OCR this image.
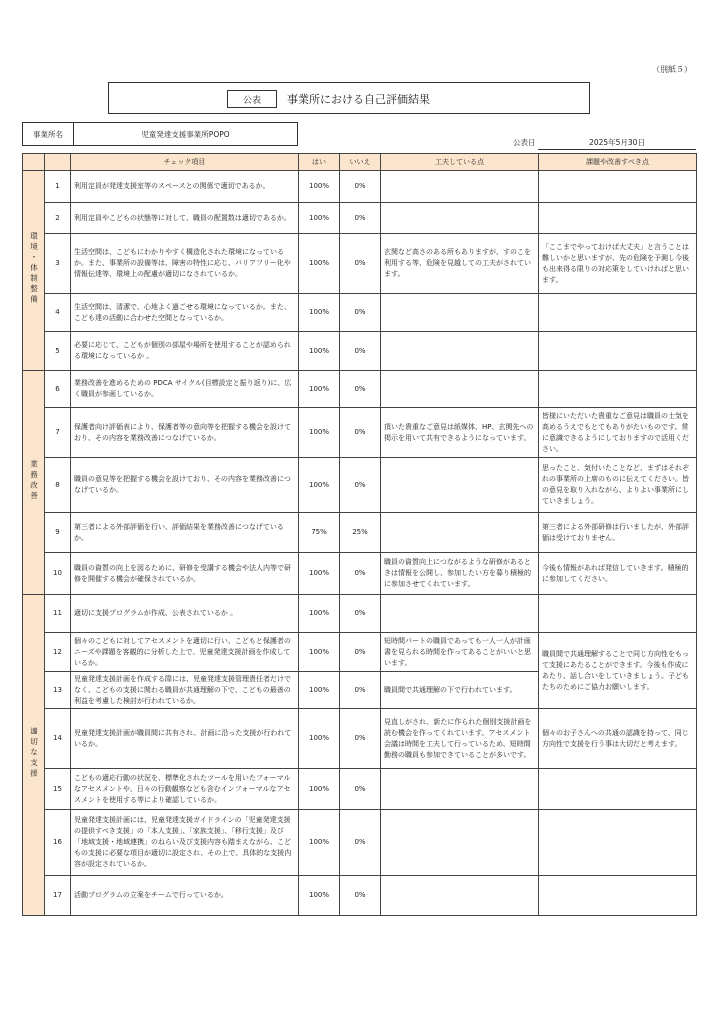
（別紙５）
公表	事業所における自己評価結果
事業所名	児童発達支援事業所POPO
公表日	2025年5月30日
		チェック項目	はい	いいえ	工夫している点	課題や改善すべき点
環境・体制整備	1	利用定員が発達支援室等のスペースとの関係で適切であるか。	100%	0%		
	2	利用定員やこどもの状態等に対して、職員の配置数は適切であるか。	100%	0%		
	3	生活空間は、こどもにわかりやすく構造化された環境になっているか。また、事業所の設備等は、障害の特性に応じ、バリアフリー化や情報伝達等、環境上の配慮が適切になされているか。	100%	0%	玄関など高さのある所もありますが、すのこを利用する等、危険を見越しての工夫がされています。	「ここまでやっておけば大丈夫」と言うことは難しいかと思いますが、先の危険を予測し今後も出来得る限りの対応策をしていければと思います。
	4	生活空間は、清潔で、心地よく過ごせる環境になっているか。また、こども達の活動に合わせた空間となっているか。	100%	0%		
	5	必要に応じて、こどもが個別の部屋や場所を使用することが認められる環境になっているか 。	100%	0%		
業務改善	6	業務改善を進めるための PDCA サイクル(目標設定と振り返り)に、広く職員が参画しているか。	100%	0%		
	7	保護者向け評価表により、保護者等の意向等を把握する機会を設けており、その内容を業務改善につなげているか。	100%	0%	頂いた貴重なご意見は紙媒体、HP、玄関先への掲示を用いて共有できるようになっています。	皆様にいただいた貴重なご意見は職員の士気を高めるうえでもとてもありがたいものです。常に意識できるようにしておりますので活用ください。
	8	職員の意見等を把握する機会を設けており、その内容を業務改善につなげているか。	100%	0%		思ったこと、気付いたことなど、まずはそれぞれの事業所の上席のものに伝えてください。皆の意見を取り入れながら、よりよい事業所にしていきましょう。
	9	第三者による外部評価を行い、評価結果を業務改善につなげているか。	75%	25%		第三者による外部研修は行いましたが、外部評価は受けておりません。
	10	職員の資質の向上を図るために、研修を受講する機会や法人内等で研修を開催する機会が確保されているか。	100%	0%	職員の資質向上につながるような研修があるときは情報を公開し、参加したい方を募り積極的に参加させてくれています。	今後も情報があれば発信していきます。積極的に参加してください。
適切な支援	11	適切に支援プログラムが作成、公表されているか 。	100%	0%		
	12	個々のこどもに対してアセスメントを適切に行い、こどもと保護者のニーズや課題を客観的に分析した上で、児童発達支援計画を作成しているか。	100%	0%	短時間パートの職員であっても一人一人が計画書を見られる時間を作ってあることがいいと思います。	職員間で共通理解することで同じ方向性をもって支援にあたることができます。今後も作成にあたり、話し合いをしていきましょう。子どもたちのためにご協力お願いします。
	13	児童発達支援計画を作成する際には、児童発達支援管理責任者だけでなく、こどもの支援に関わる職員が共通理解の下で、こどもの最善の利益を考慮した検討が行われているか。	100%	0%	職員間で共通理解の下で行われています。	
	14	児童発達支援計画が職員間に共有され、計画に沿った支援が行われているか。	100%	0%	見直しがされ、新たに作られた個別支援計画を読む機会を作ってくれています。アセスメント会議は時間を工夫して行っているため、短時間勤務の職員も参加できていることが多いです。	個々のお子さんへの共通の認識を持って、同じ方向性で支援を行う事は大切だと考えます。
	15	こどもの適応行動の状況を、標準化されたツールを用いたフォーマルなアセスメントや、日々の行動観察なども含むインフォーマルなアセスメントを使用する等により確認しているか。	100%	0%		
	16	児童発達支援計画には、児童発達支援ガイドラインの「児童発達支援の提供すべき支援」の「本人支援」、「家族支援」、「移行支援」及び「地域支援・地域連携」のねらい及び支援内容も踏まえながら、こどもの支援に必要な項目が適切に設定され、その上で、具体的な支援内容が設定されているか。	100%	0%		
	17	活動プログラムの立案をチームで行っているか。	100%	0%		
